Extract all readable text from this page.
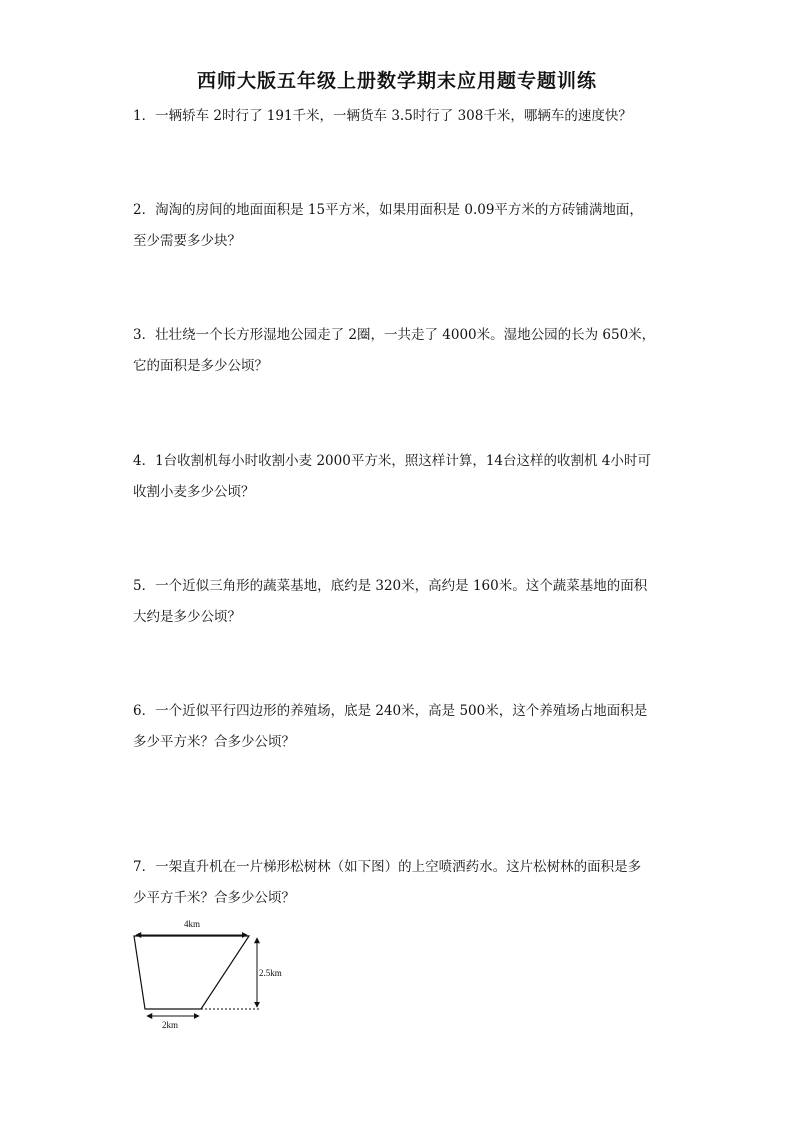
西师大版五年级上册数学期末应用题专题训练

1．一辆轿车 2时行了 191千米，一辆货车 3.5时行了 308千米，哪辆车的速度快？

2．淘淘的房间的地面面积是 15平方米，如果用面积是 0.09平方米的方砖铺满地面，

至少需要多少块？

3．壮壮绕一个长方形湿地公园走了 2圈，一共走了 4000米。湿地公园的长为 650米，

它的面积是多少公顷？

4．1台收割机每小时收割小麦 2000平方米，照这样计算，14台这样的收割机 4小时可

收割小麦多少公顷？

5．一个近似三角形的蔬菜基地，底约是 320米，高约是 160米。这个蔬菜基地的面积

大约是多少公顷？

6．一个近似平行四边形的养殖场，底是 240米，高是 500米，这个养殖场占地面积是

多少平方米？合多少公顷？

7．一架直升机在一片梯形松树林（如下图）的上空喷洒药水。这片松树林的面积是多

少平方千米？合多少公顷？

4km
2.5km
2km
